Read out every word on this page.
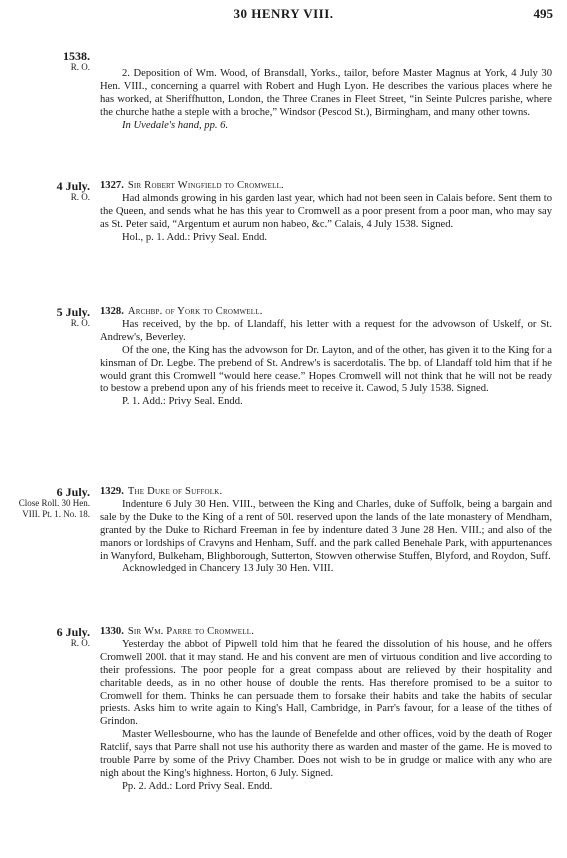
30 HENRY VIII.	495
1538.
R. O.

2. Deposition of Wm. Wood, of Bransdall, Yorks., tailor, before Master Magnus at York, 4 July 30 Hen. VIII., concerning a quarrel with Robert and Hugh Lyon. He describes the various places where he has worked, at Sheriffhutton, London, the Three Cranes in Fleet Street, “in Seinte Pulcres parishe, where the churche hathe a steple with a broche,” Windsor (Pescod St.), Birmingham, and many other towns.

In Uvedale's hand, pp. 6.
4 July.
R. O.

1327. Sir Robert Wingfield to Cromwell.

Had almonds growing in his garden last year, which had not been seen in Calais before. Sent them to the Queen, and sends what he has this year to Cromwell as a poor present from a poor man, who may say as St. Peter said, “Argentum et aurum non habeo, &c.” Calais, 4 July 1538. Signed.

Hol., p. 1. Add.: Privy Seal. Endd.
5 July.
R. O.

1328. Archbp. of York to Cromwell.

Has received, by the bp. of Llandaff, his letter with a request for the advowson of Uskelf, or St. Andrew's, Beverley.

Of the one, the King has the advowson for Dr. Layton, and of the other, has given it to the King for a kinsman of Dr. Legbe. The prebend of St. Andrew's is sacerdotalis. The bp. of Llandaff told him that if he would grant this Cromwell “would here cease.” Hopes Cromwell will not think that he will not be ready to bestow a prebend upon any of his friends meet to receive it. Cawod, 5 July 1538. Signed.

P. 1. Add.: Privy Seal. Endd.
6 July.
Close Roll. 30 Hen. VIII. Pt. 1. No. 18.

1329. The Duke of Suffolk.

Indenture 6 July 30 Hen. VIII., between the King and Charles, duke of Suffolk, being a bargain and sale by the Duke to the King of a rent of 50l. reserved upon the lands of the late monastery of Mendham, granted by the Duke to Richard Freeman in fee by indenture dated 3 June 28 Hen. VIII.; and also of the manors or lordships of Cravyns and Henham, Suff. and the park called Benehale Park, with appurtenances in Wanyford, Bulkeham, Blighborough, Sutterton, Stowven otherwise Stuffen, Blyford, and Roydon, Suff.

Acknowledged in Chancery 13 July 30 Hen. VIII.

6 July.
R. O.

1330. Sir Wm. Parre to Cromwell.

Yesterday the abbot of Pipwell told him that he feared the dissolution of his house, and he offers Cromwell 200l. that it may stand. He and his convent are men of virtuous condition and live according to their professions. The poor people for a great compass about are relieved by their hospitality and charitable deeds, as in no other house of double the rents. Has therefore promised to be a suitor to Cromwell for them. Thinks he can persuade them to forsake their habits and take the habits of secular priests. Asks him to write again to King's Hall, Cambridge, in Parr's favour, for a lease of the tithes of Grindon.

Master Wellesbourne, who has the launde of Benefelde and other offices, void by the death of Roger Ratclif, says that Parre shall not use his authority there as warden and master of the game. He is moved to trouble Parre by some of the Privy Chamber. Does not wish to be in grudge or malice with any who are nigh about the King's highness. Horton, 6 July. Signed.

Pp. 2. Add.: Lord Privy Seal. Endd.
